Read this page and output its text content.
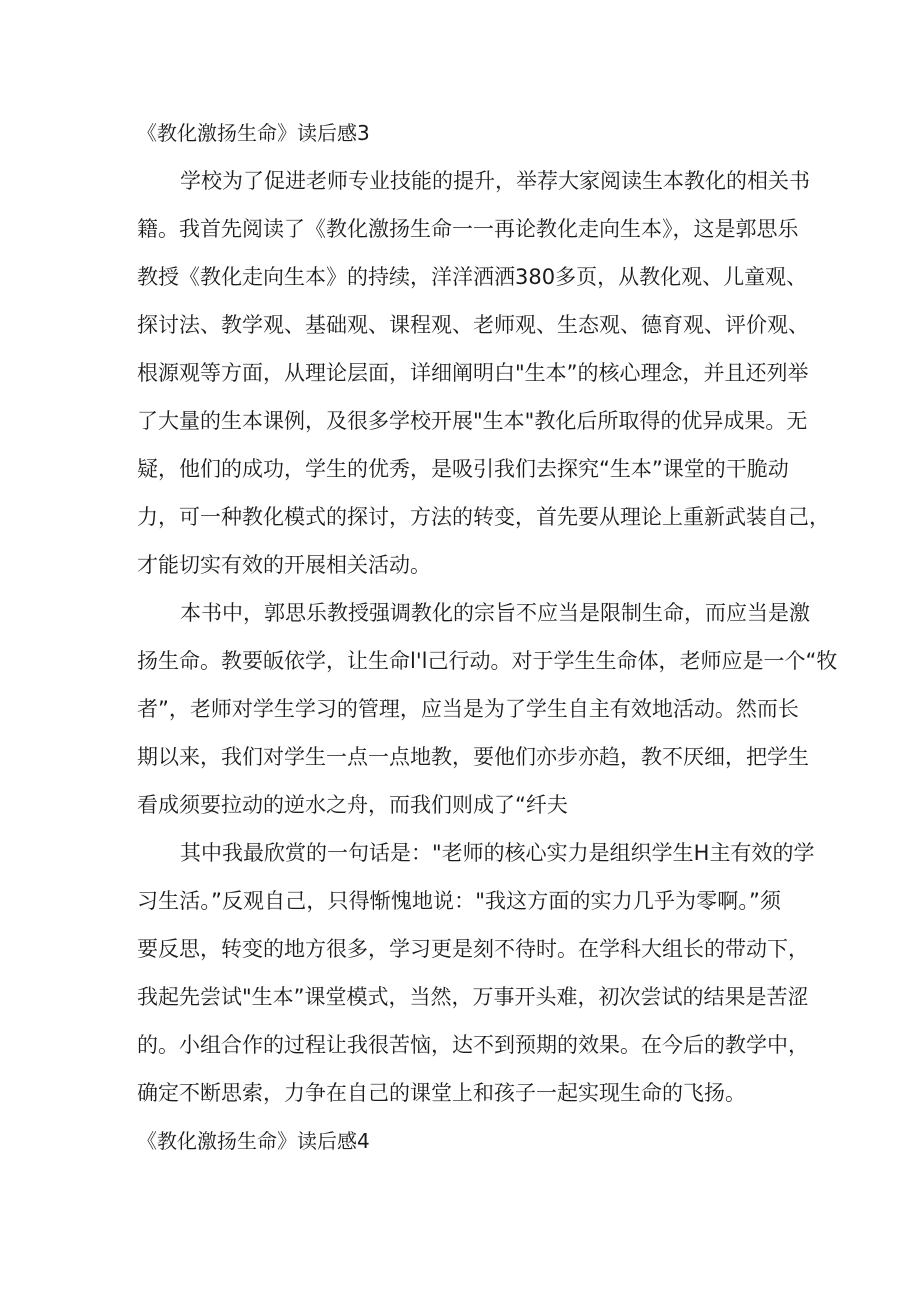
《教化激扬生命》读后感3
学校为了促进老师专业技能的提升，举荐大家阅读生本教化的相关书
籍。我首先阅读了《教化激扬生命一一再论教化走向生本》，这是郭思乐
教授《教化走向生本》的持续，洋洋洒洒380多页，从教化观、儿童观、
探讨法、教学观、基础观、课程观、老师观、生态观、德育观、评价观、
根源观等方面，从理论层面，详细阐明白"生本”的核心理念，并且还列举
了大量的生本课例，及很多学校开展"生本"教化后所取得的优异成果。无
疑，他们的成功，学生的优秀，是吸引我们去探究“生本”课堂的干脆动
力，可一种教化模式的探讨，方法的转变，首先要从理论上重新武装自己，
才能切实有效的开展相关活动。
本书中，郭思乐教授强调教化的宗旨不应当是限制生命，而应当是激
扬生命。教要皈依学，让生命l'l己行动。对于学生生命体，老师应是一个“牧
者”，老师对学生学习的管理，应当是为了学生自主有效地活动。然而长
期以来，我们对学生一点一点地教，要他们亦步亦趋，教不厌细，把学生
看成须要拉动的逆水之舟，而我们则成了“纤夫
其中我最欣赏的一句话是："老师的核心实力是组织学生H主有效的学
习生活。”反观自己，只得惭愧地说："我这方面的实力几乎为零啊。”须
要反思，转变的地方很多，学习更是刻不待时。在学科大组长的带动下，
我起先尝试"生本”课堂模式，当然，万事开头难，初次尝试的结果是苦涩
的。小组合作的过程让我很苦恼，达不到预期的效果。在今后的教学中，
确定不断思索，力争在自己的课堂上和孩子一起实现生命的飞扬。
《教化激扬生命》读后感4
